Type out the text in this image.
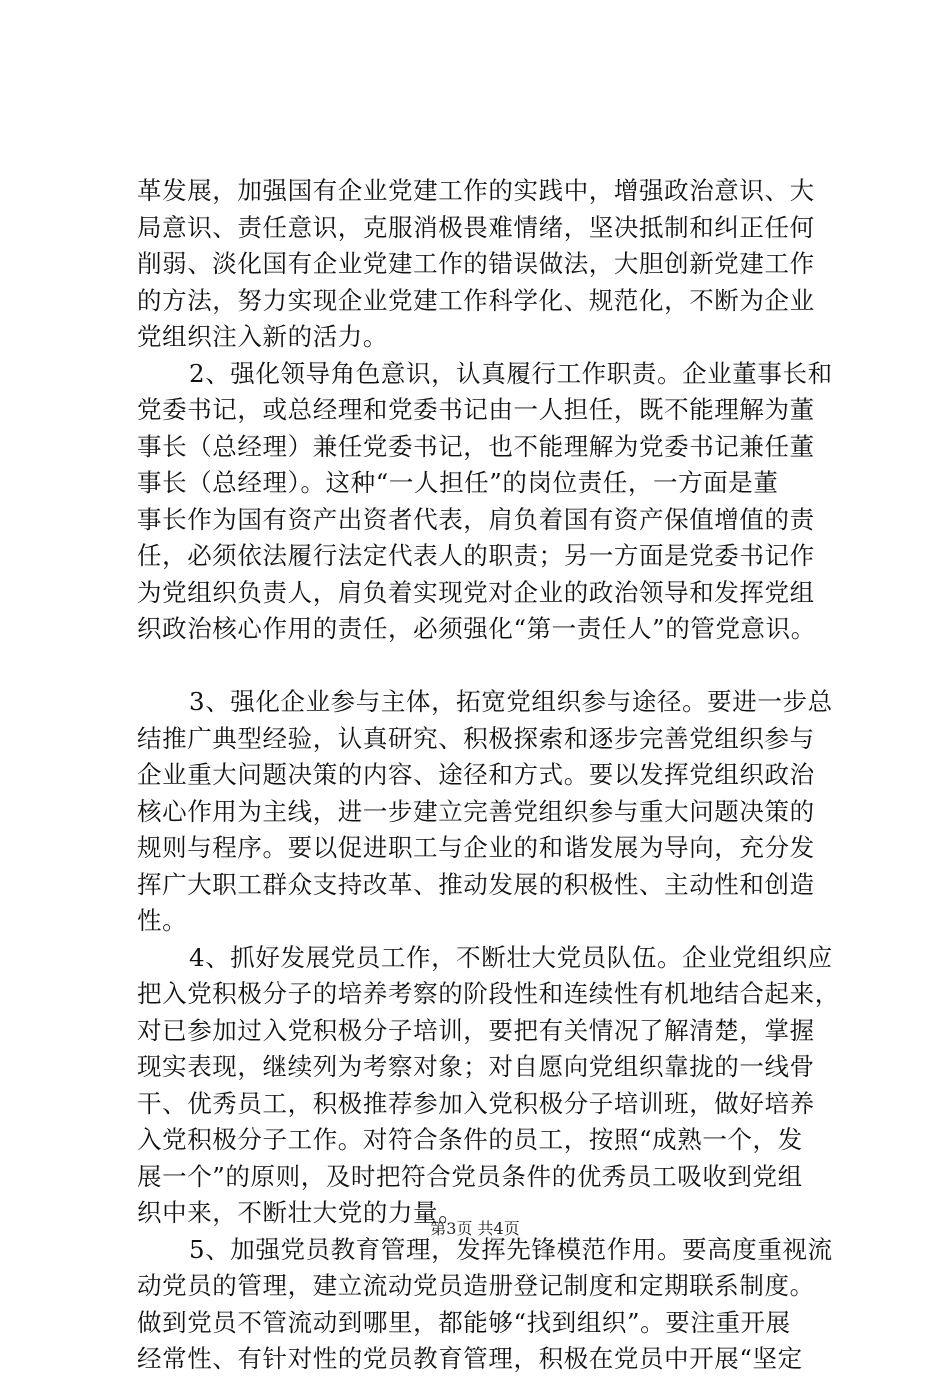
革发展，加强国有企业党建工作的实践中，增强政治意识、大
局意识、责任意识，克服消极畏难情绪，坚决抵制和纠正任何
削弱、淡化国有企业党建工作的错误做法，大胆创新党建工作
的方法，努力实现企业党建工作科学化、规范化，不断为企业
党组织注入新的活力。
2、强化领导角色意识，认真履行工作职责。企业董事长和
党委书记，或总经理和党委书记由一人担任，既不能理解为董
事长（总经理）兼任党委书记，也不能理解为党委书记兼任董
事长（总经理）。这种“一人担任”的岗位责任，一方面是董
事长作为国有资产出资者代表，肩负着国有资产保值增值的责
任，必须依法履行法定代表人的职责；另一方面是党委书记作
为党组织负责人，肩负着实现党对企业的政治领导和发挥党组
织政治核心作用的责任，必须强化“第一责任人”的管党意识。
3、强化企业参与主体，拓宽党组织参与途径。要进一步总
结推广典型经验，认真研究、积极探索和逐步完善党组织参与
企业重大问题决策的内容、途径和方式。要以发挥党组织政治
核心作用为主线，进一步建立完善党组织参与重大问题决策的
规则与程序。要以促进职工与企业的和谐发展为导向，充分发
挥广大职工群众支持改革、推动发展的积极性、主动性和创造
性。
4、抓好发展党员工作，不断壮大党员队伍。企业党组织应
把入党积极分子的培养考察的阶段性和连续性有机地结合起来，
对已参加过入党积极分子培训，要把有关情况了解清楚，掌握
现实表现，继续列为考察对象；对自愿向党组织靠拢的一线骨
干、优秀员工，积极推荐参加入党积极分子培训班，做好培养
入党积极分子工作。对符合条件的员工，按照“成熟一个，发
展一个”的原则，及时把符合党员条件的优秀员工吸收到党组
织中来，不断壮大党的力量。
5、加强党员教育管理，发挥先锋模范作用。要高度重视流
动党员的管理，建立流动党员造册登记制度和定期联系制度。
做到党员不管流动到哪里，都能够“找到组织”。要注重开展
经常性、有针对性的党员教育管理，积极在党员中开展“坚定
第3页 共4页
